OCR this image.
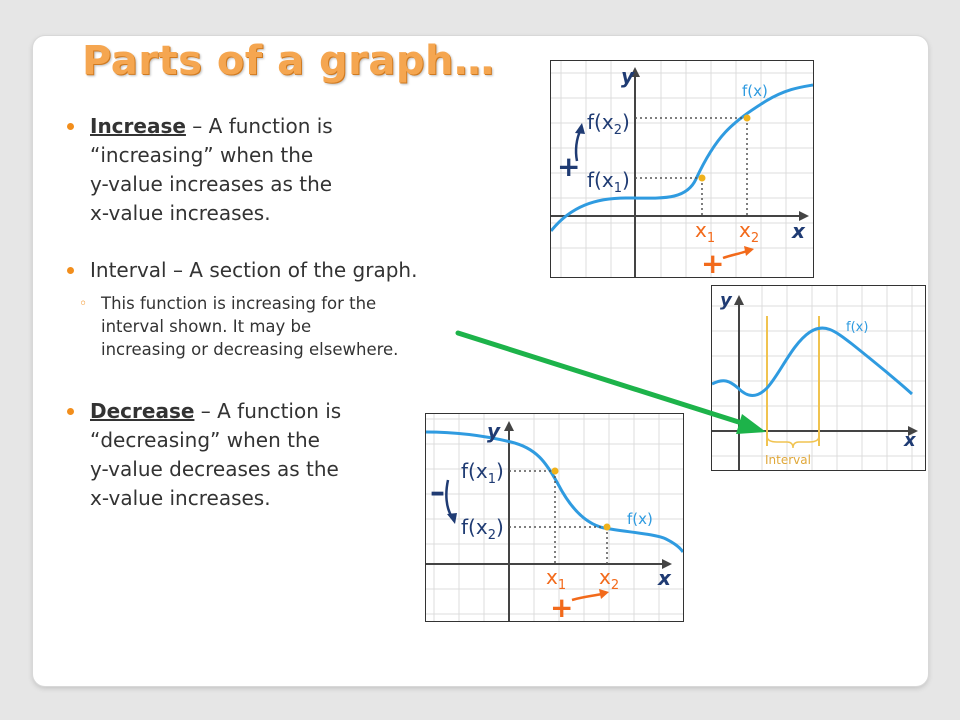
Parts of a graph…
Increase – A function is
“increasing” when the
y-value increases as the
x-value increases.
Interval – A section of the graph.
◦ This function is increasing for the
interval shown. It may be
increasing or decreasing elsewhere.
Decrease – A function is
“decreasing” when the
y-value decreases as the
x-value increases.
y
x
f(x)
$f(x_2)$
$f(x_1)$
$x_1$ $x_2$
+
+
y
x
f(x)
Interval
y
x
f(x)
$f(x_1)$
$f(x_2)$
$x_1$ $x_2$
–
+
